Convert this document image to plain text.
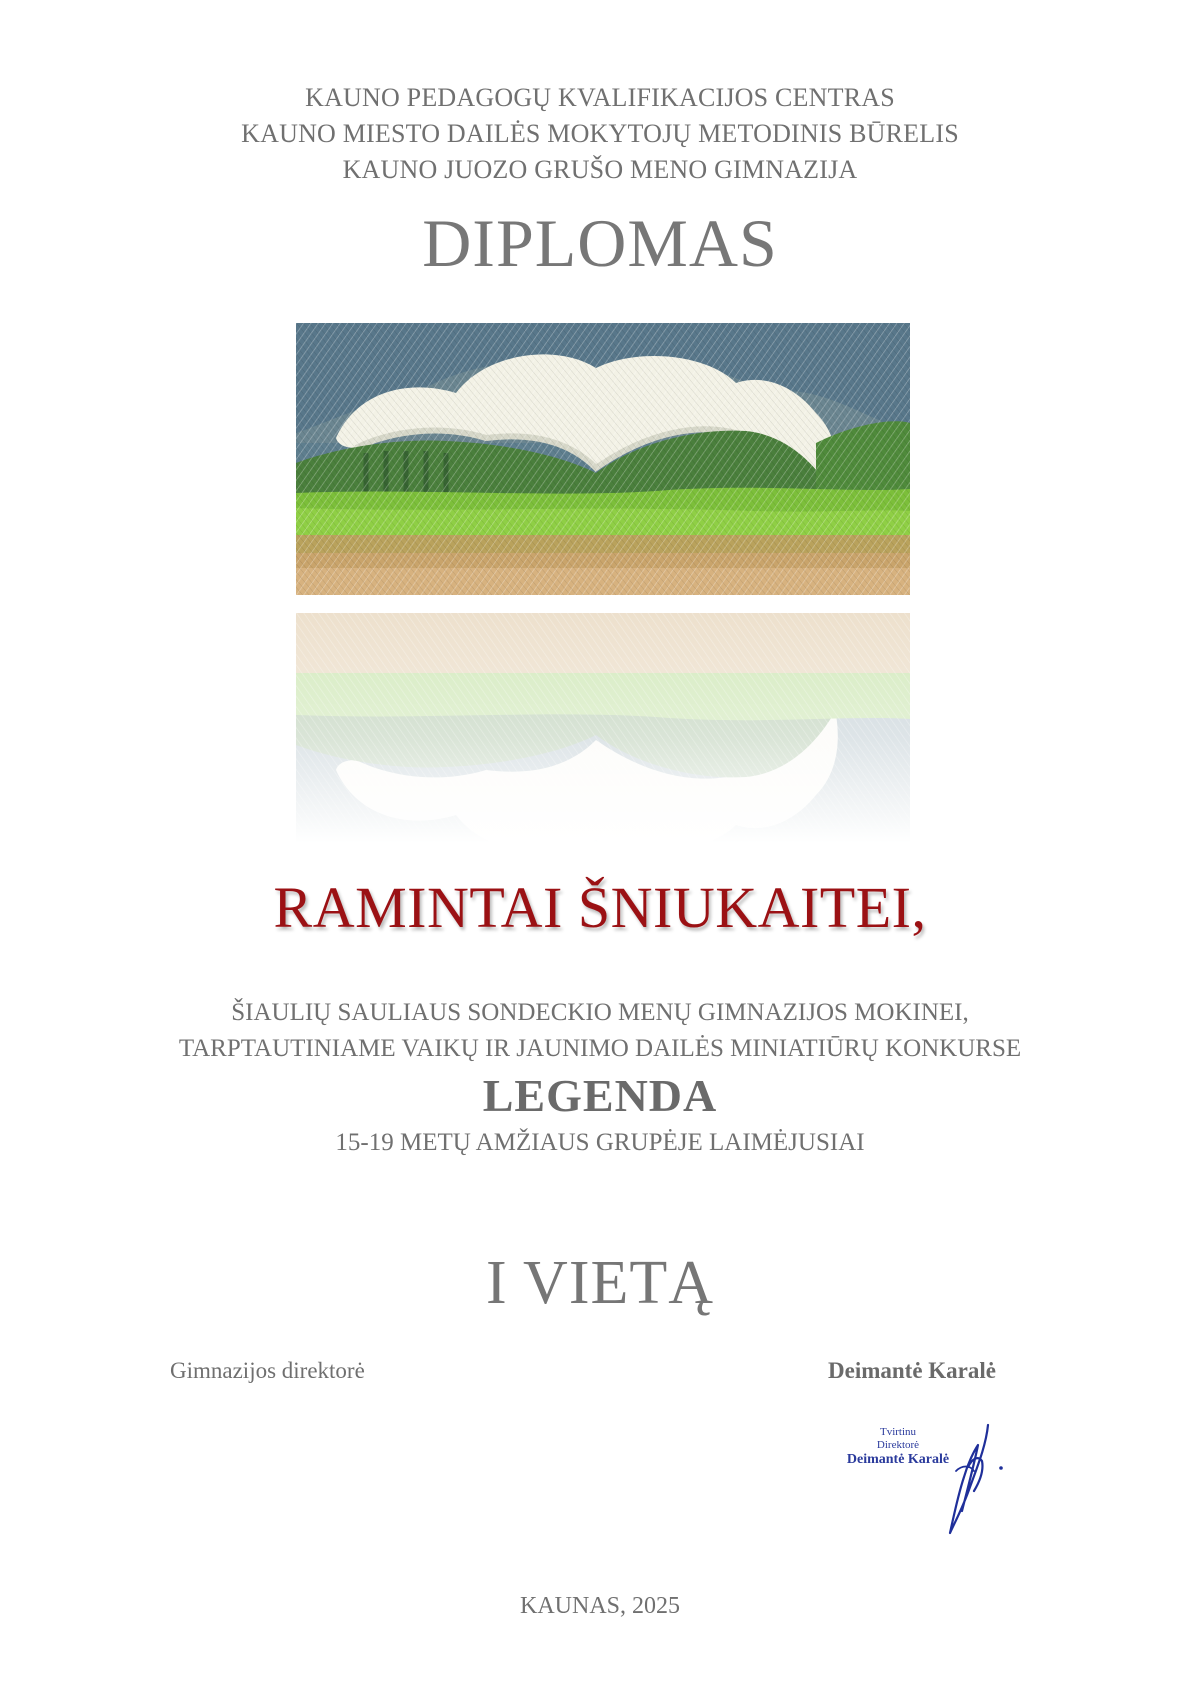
KAUNO PEDAGOGŲ KVALIFIKACIJOS CENTRAS
KAUNO MIESTO DAILĖS MOKYTOJŲ METODINIS BŪRELIS
KAUNO JUOZO GRUŠO MENO GIMNAZIJA
DIPLOMAS
RAMINTAI ŠNIUKAITEI,
ŠIAULIŲ SAULIAUS SONDECKIO MENŲ GIMNAZIJOS MOKINEI,
TARPTAUTINIAME VAIKŲ IR JAUNIMO DAILĖS MINIATIŪRŲ KONKURSE
LEGENDA
15-19 METŲ AMŽIAUS GRUPĖJE LAIMĖJUSIAI
I VIETĄ
Gimnazijos direktorė	Deimantė Karalė
Tvirtinu
Direktorė
Deimantė Karalė
KAUNAS, 2025
